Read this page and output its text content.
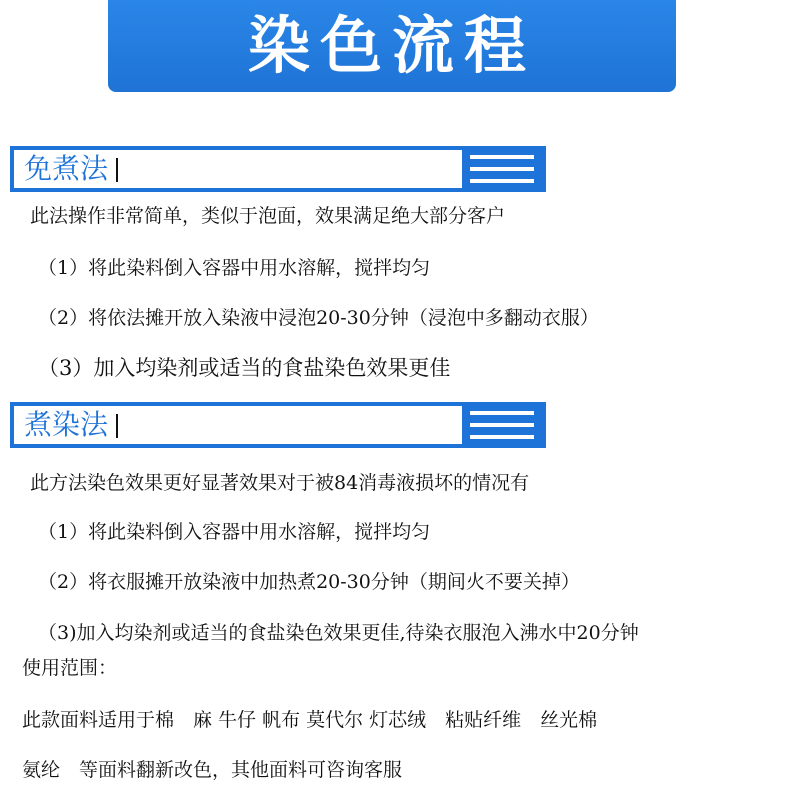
染色流程
免煮法
此法操作非常简单，类似于泡面，效果满足绝大部分客户
（1）将此染料倒入容器中用水溶解，搅拌均匀
（2）将依法摊开放入染液中浸泡20-30分钟（浸泡中多翻动衣服）
（3）加入均染剂或适当的食盐染色效果更佳
煮染法
此方法染色效果更好显著效果对于被84消毒液损坏的情况有
（1）将此染料倒入容器中用水溶解，搅拌均匀
（2）将衣服摊开放染液中加热煮20-30分钟（期间火不要关掉）
（3)加入均染剂或适当的食盐染色效果更佳,待染衣服泡入沸水中20分钟
使用范围：
此款面料适用于棉　麻 牛仔 帆布 莫代尔 灯芯绒　粘贴纤维　丝光棉
氨纶　等面料翻新改色，其他面料可咨询客服
